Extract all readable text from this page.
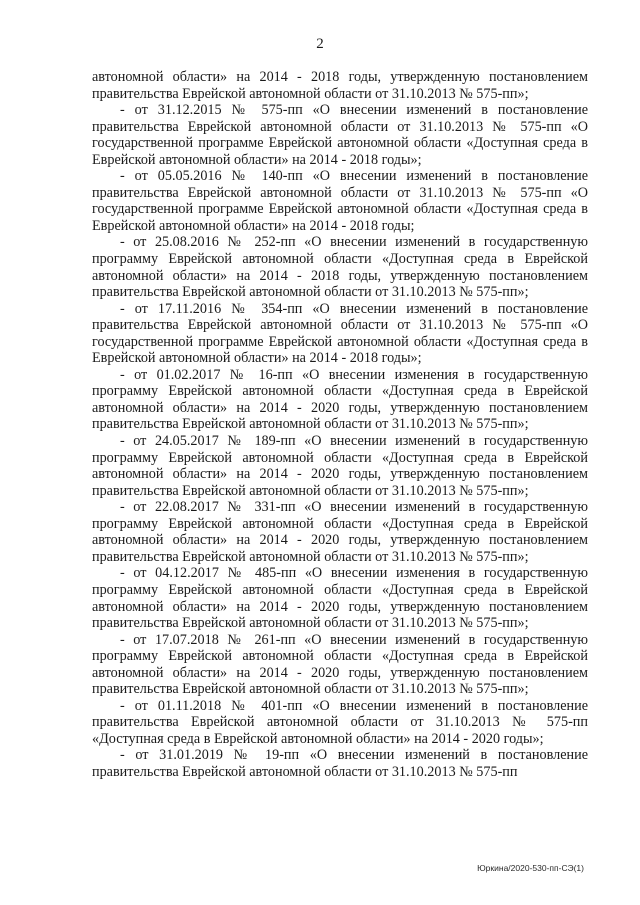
2

автономной области» на 2014 - 2018 годы, утвержденную постановлением правительства Еврейской автономной области от 31.10.2013 № 575-пп»;

- от 31.12.2015 № 575-пп «О внесении изменений в постановление правительства Еврейской автономной области от 31.10.2013 № 575-пп «О государственной программе Еврейской автономной области «Доступная среда в Еврейской автономной области» на 2014 - 2018 годы»;

- от 05.05.2016 № 140-пп «О внесении изменений в постановление правительства Еврейской автономной области от 31.10.2013 № 575-пп «О государственной программе Еврейской автономной области «Доступная среда в Еврейской автономной области» на 2014 - 2018 годы;

- от 25.08.2016 № 252-пп «О внесении изменений в государственную программу Еврейской автономной области «Доступная среда в Еврейской автономной области» на 2014 - 2018 годы, утвержденную постановлением правительства Еврейской автономной области от 31.10.2013 № 575-пп»;

- от 17.11.2016 № 354-пп «О внесении изменений в постановление правительства Еврейской автономной области от 31.10.2013 № 575-пп «О государственной программе Еврейской автономной области «Доступная среда в Еврейской автономной области» на 2014 - 2018 годы»;

- от 01.02.2017 № 16-пп «О внесении изменения в государственную программу Еврейской автономной области «Доступная среда в Еврейской автономной области» на 2014 - 2020 годы, утвержденную постановлением правительства Еврейской автономной области от 31.10.2013 № 575-пп»;

- от 24.05.2017 № 189-пп «О внесении изменений в государственную программу Еврейской автономной области «Доступная среда в Еврейской автономной области» на 2014 - 2020 годы, утвержденную постановлением правительства Еврейской автономной области от 31.10.2013 № 575-пп»;

- от 22.08.2017 № 331-пп «О внесении изменений в государственную программу Еврейской автономной области «Доступная среда в Еврейской автономной области» на 2014 - 2020 годы, утвержденную постановлением правительства Еврейской автономной области от 31.10.2013 № 575-пп»;

- от 04.12.2017 № 485-пп «О внесении изменения в государственную программу Еврейской автономной области «Доступная среда в Еврейской автономной области» на 2014 - 2020 годы, утвержденную постановлением правительства Еврейской автономной области от 31.10.2013 № 575-пп»;

- от 17.07.2018 № 261-пп «О внесении изменений в государственную программу Еврейской автономной области «Доступная среда в Еврейской автономной области» на 2014 - 2020 годы, утвержденную постановлением правительства Еврейской автономной области от 31.10.2013 № 575-пп»;

- от 01.11.2018 № 401-пп «О внесении изменений в постановление правительства Еврейской автономной области от 31.10.2013 № 575-пп «Доступная среда в Еврейской автономной области» на 2014 - 2020 годы»;

- от 31.01.2019 № 19-пп «О внесении изменений в постановление правительства Еврейской автономной области от 31.10.2013 № 575-пп

Юркина/2020-530-пп-СЭ(1)
